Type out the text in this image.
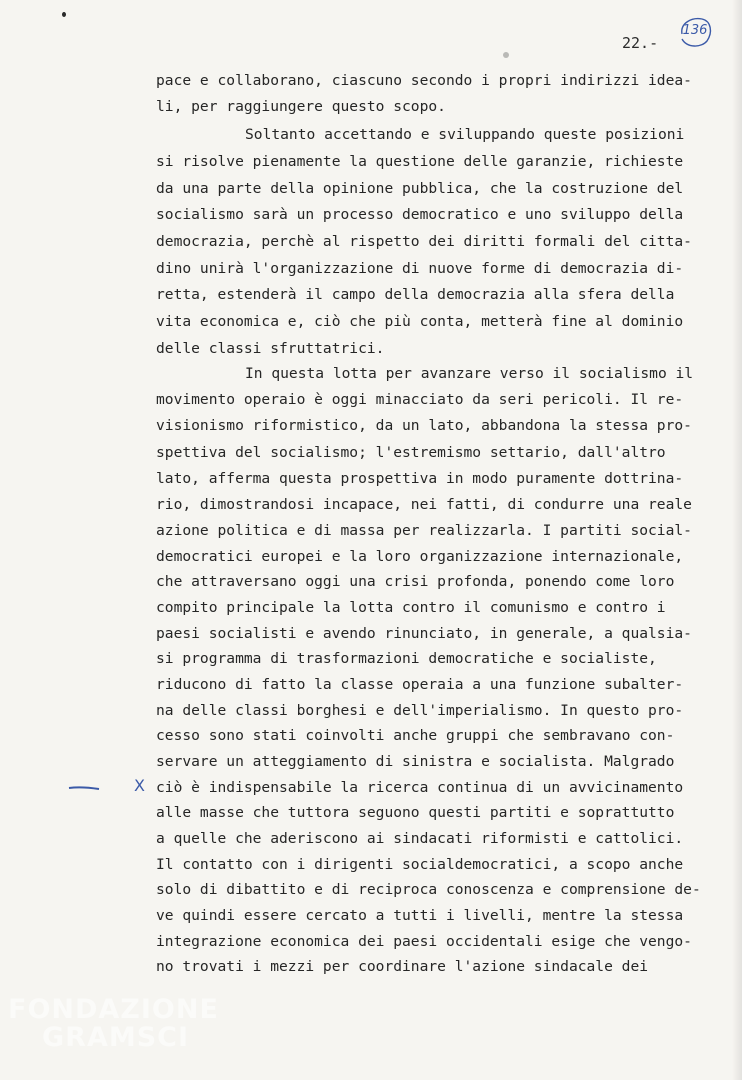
22.-
136
pace e collaborano, ciascuno secondo i propri indirizzi idea-
li, per raggiungere questo scopo.
Soltanto accettando e sviluppando queste posizioni
si risolve pienamente la questione delle garanzie, richieste
da una parte della opinione pubblica, che la costruzione del
socialismo sarà un processo democratico e uno sviluppo della
democrazia, perchè al rispetto dei diritti formali del citta-
dino unirà l'organizzazione di nuove forme di democrazia di-
retta, estenderà il campo della democrazia alla sfera della
vita economica e, ciò che più conta, metterà fine al dominio
delle classi sfruttatrici.
In questa lotta per avanzare verso il socialismo il
movimento operaio è oggi minacciato da seri pericoli. Il re-
visionismo riformistico, da un lato, abbandona la stessa pro-
spettiva del socialismo; l'estremismo settario, dall'altro
lato, afferma questa prospettiva in modo puramente dottrina-
rio, dimostrandosi incapace, nei fatti, di condurre una reale
azione politica e di massa per realizzarla. I partiti social-
democratici europei e la loro organizzazione internazionale,
che attraversano oggi una crisi profonda, ponendo come loro
compito principale la lotta contro il comunismo e contro i
paesi socialisti e avendo rinunciato, in generale, a qualsia-
si programma di trasformazioni democratiche e socialiste,
riducono di fatto la classe operaia a una funzione subalter-
na delle classi borghesi e dell'imperialismo. In questo pro-
cesso sono stati coinvolti anche gruppi che sembravano con-
servare un atteggiamento di sinistra e socialista. Malgrado
ciò è indispensabile la ricerca continua di un avvicinamento
alle masse che tuttora seguono questi partiti e soprattutto
a quelle che aderiscono ai sindacati riformisti e cattolici.
Il contatto con i dirigenti socialdemocratici, a scopo anche
solo di dibattito e di reciproca conoscenza e comprensione de-
ve quindi essere cercato a tutti i livelli, mentre la stessa
integrazione economica dei paesi occidentali esige che vengo-
no trovati i mezzi per coordinare l'azione sindacale dei
X
FONDAZIONE
GRAMSCI
